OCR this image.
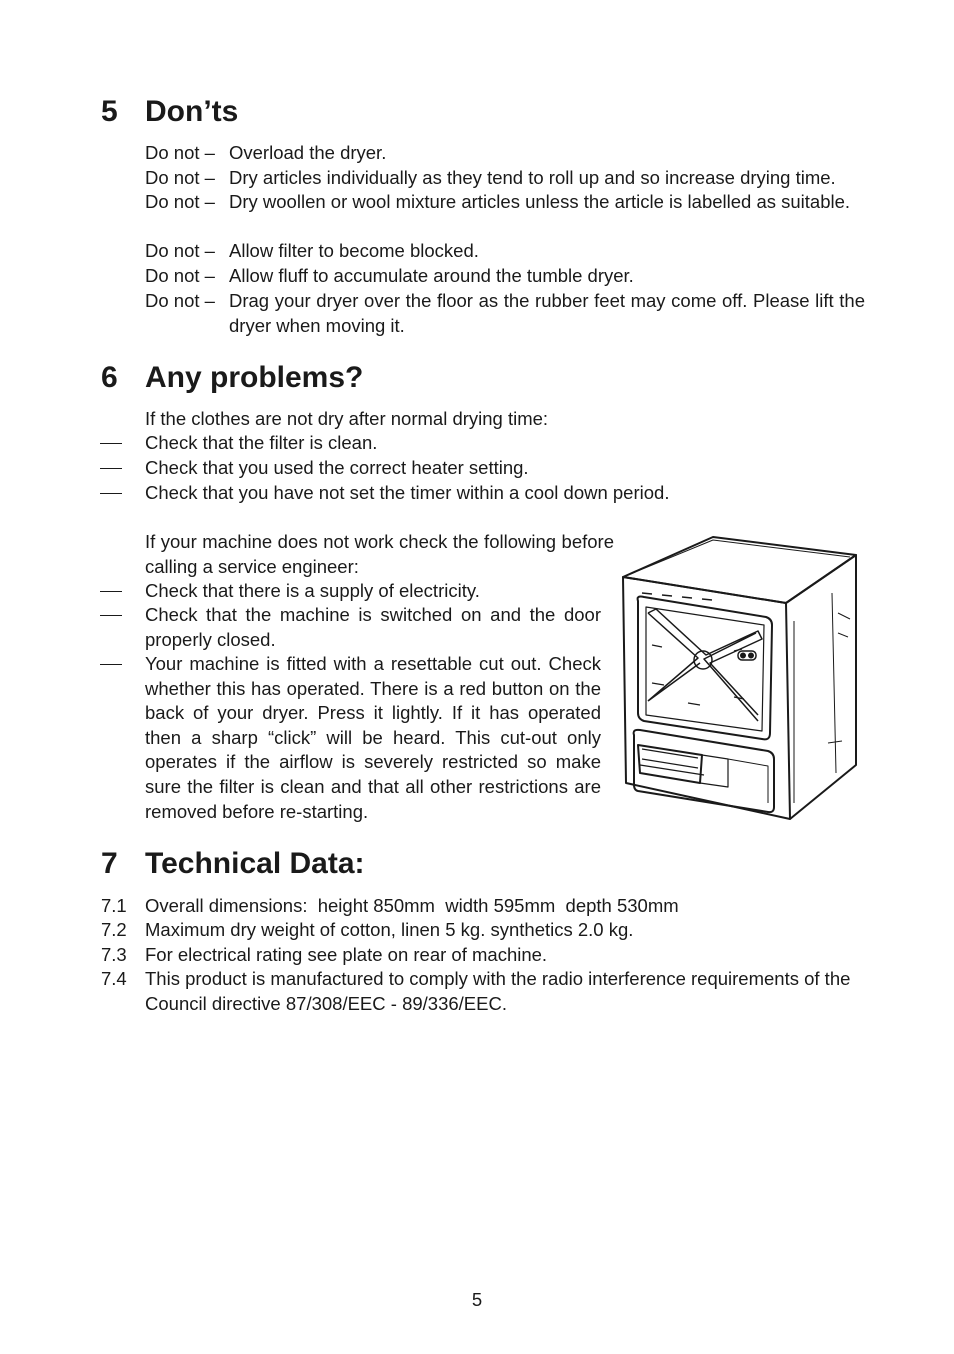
5 Don’ts
Do not – Overload the dryer.
Do not – Dry articles individually as they tend to roll up and so increase drying time.
Do not – Dry woollen or wool mixture articles unless the article is labelled as suitable.
Do not – Allow filter to become blocked.
Do not – Allow fluff to accumulate around the tumble dryer.
Do not – Drag your dryer over the floor as the rubber feet may come off. Please lift the dryer when moving it.
6 Any problems?
If the clothes are not dry after normal drying time:
Check that the filter is clean.
Check that you used the correct heater setting.
Check that you have not set the timer within a cool down period.
If your machine does not work check the following before calling a service engineer:
Check that there is a supply of electricity.
Check that the machine is switched on and the door properly closed.
Your machine is fitted with a resettable cut out. Check whether this has operated. There is a red button on the back of your dryer. Press it lightly. If it has operated then a sharp “click” will be heard. This cut-out only operates if the airflow is severely restricted so make sure the filter is clean and that all other restrictions are removed before re-starting.
7 Technical Data:
7.1 Overall dimensions:  height 850mm  width 595mm  depth 530mm
7.2 Maximum dry weight of cotton, linen 5 kg. synthetics 2.0 kg.
7.3 For electrical rating see plate on rear of machine.
7.4 This product is manufactured to comply with the radio interference requirements of the Council directive 87/308/EEC - 89/336/EEC.
5
